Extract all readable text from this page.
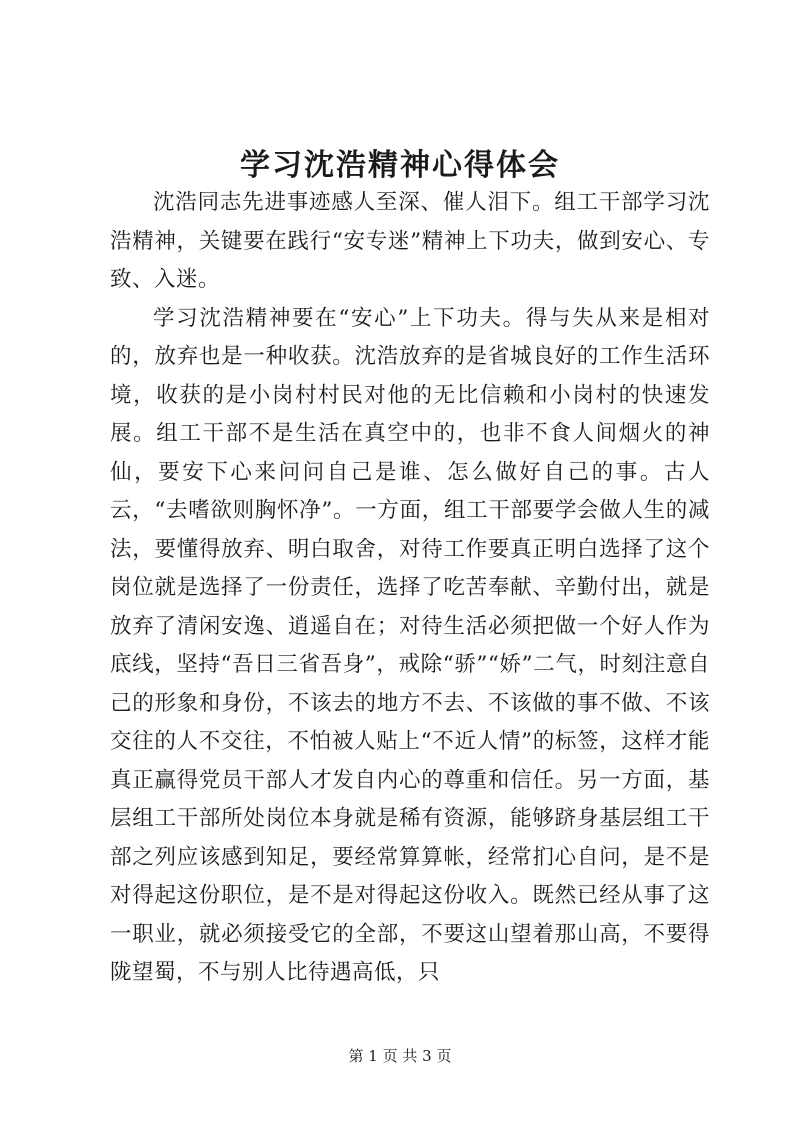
学习沈浩精神心得体会

沈浩同志先进事迹感人至深、催人泪下。组工干部学习沈浩精神，关键要在践行“安专迷”精神上下功夫，做到安心、专致、入迷。

学习沈浩精神要在“安心”上下功夫。得与失从来是相对的，放弃也是一种收获。沈浩放弃的是省城良好的工作生活环境，收获的是小岗村村民对他的无比信赖和小岗村的快速发展。组工干部不是生活在真空中的，也非不食人间烟火的神仙，要安下心来问问自己是谁、怎么做好自己的事。古人云，“去嗜欲则胸怀净”。一方面，组工干部要学会做人生的减法，要懂得放弃、明白取舍，对待工作要真正明白选择了这个岗位就是选择了一份责任，选择了吃苦奉献、辛勤付出，就是放弃了清闲安逸、逍遥自在；对待生活必须把做一个好人作为底线，坚持“吾日三省吾身”，戒除“骄”“娇”二气，时刻注意自己的形象和身份，不该去的地方不去、不该做的事不做、不该交往的人不交往，不怕被人贴上“不近人情”的标签，这样才能真正赢得党员干部人才发自内心的尊重和信任。另一方面，基层组工干部所处岗位本身就是稀有资源，能够跻身基层组工干部之列应该感到知足，要经常算算帐，经常扪心自问，是不是对得起这份职位，是不是对得起这份收入。既然已经从事了这一职业，就必须接受它的全部，不要这山望着那山高，不要得陇望蜀，不与别人比待遇高低，只

第 1 页 共 3 页
